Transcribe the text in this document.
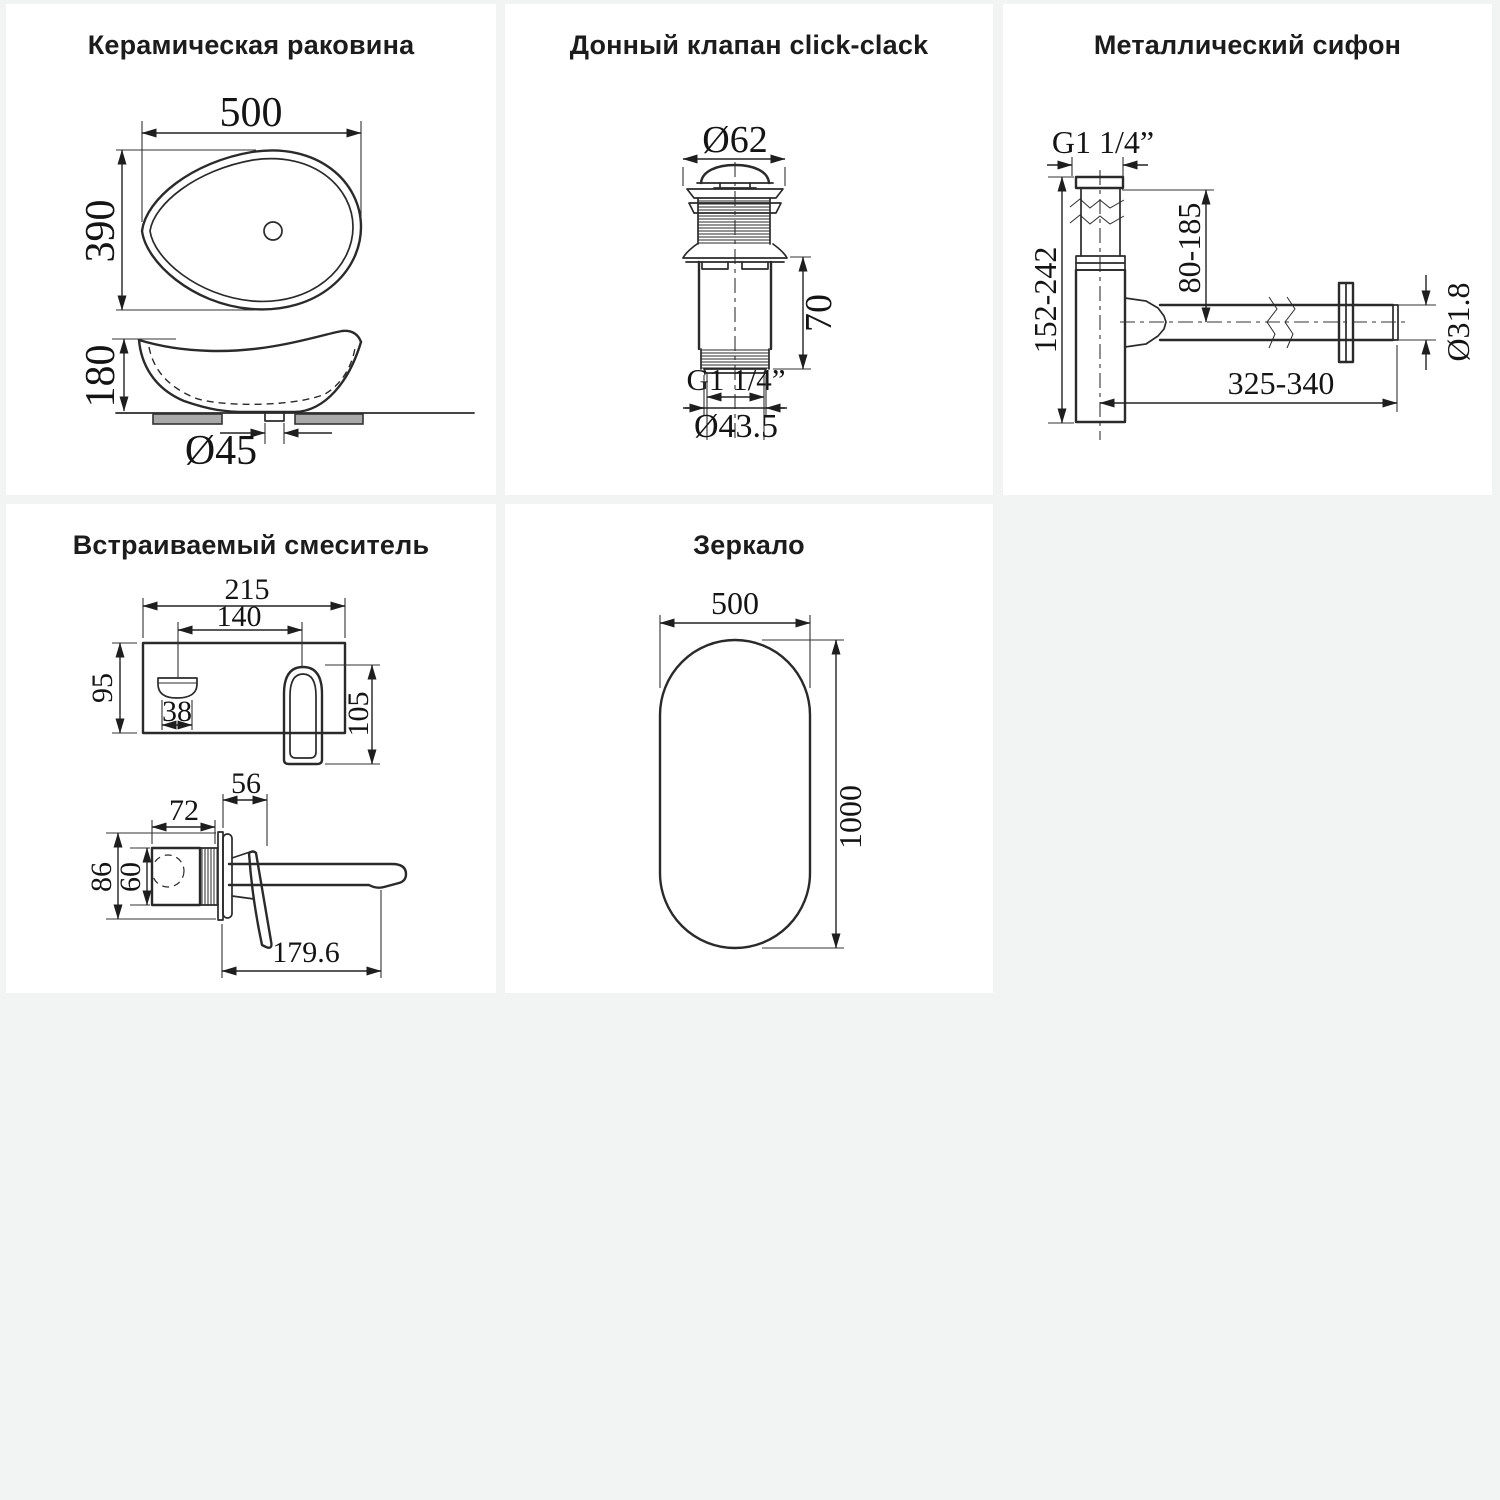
Керамическая раковина
500
390
180
Ø45
Донный клапан click-clack
Ø62
70
G1 1/4”
Ø43.5
Металлический сифон
G1 1/4”
152-242	80-185
325-340
Ø31.8
Встраиваемый смеситель
215
140
95
38	105
56
72
86
60
179.6
Зеркало
500
1000
